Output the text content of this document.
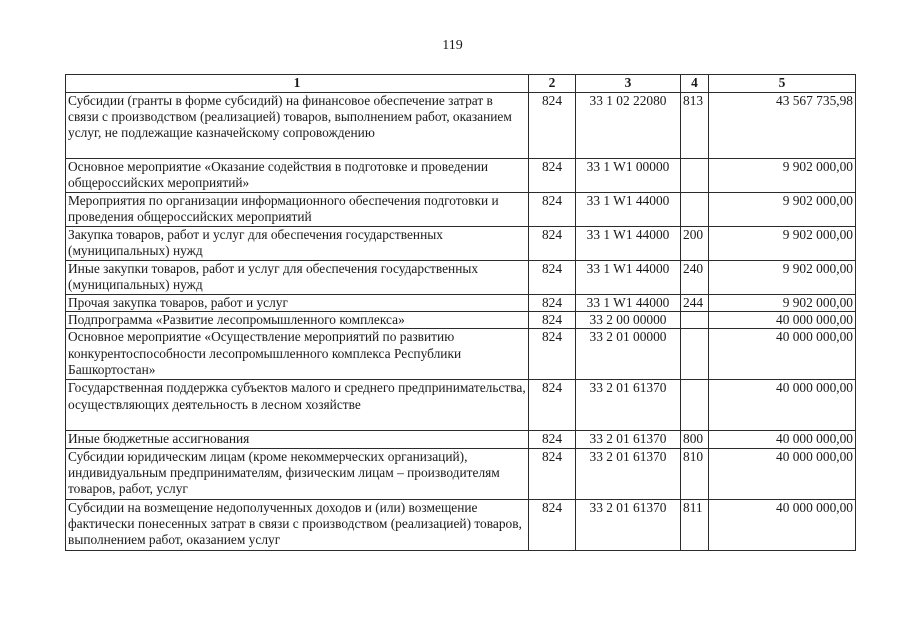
119
1	2	3	4	5
Субсидии (гранты в форме субсидий) на финансовое обеспечение затрат в связи с производством (реализацией) товаров, выполнением работ, оказанием услуг, не подлежащие казначейскому сопровождению	824	33 1 02 22080	813	43 567 735,98
Основное мероприятие «Оказание содействия в подготовке и проведении общероссийских мероприятий»	824	33 1 W1 00000		9 902 000,00
Мероприятия по организации информационного обеспечения подготовки и проведения общероссийских мероприятий	824	33 1 W1 44000		9 902 000,00
Закупка товаров, работ и услуг для обеспечения государственных (муниципальных) нужд	824	33 1 W1 44000	200	9 902 000,00
Иные закупки товаров, работ и услуг для обеспечения государственных (муниципальных) нужд	824	33 1 W1 44000	240	9 902 000,00
Прочая закупка товаров, работ и услуг	824	33 1 W1 44000	244	9 902 000,00
Подпрограмма «Развитие лесопромышленного комплекса»	824	33 2 00 00000		40 000 000,00
Основное мероприятие «Осуществление мероприятий по развитию конкурентоспособности лесопромышленного комплекса Республики Башкортостан»	824	33 2 01 00000		40 000 000,00
Государственная поддержка субъектов малого и среднего предпринимательства, осуществляющих деятельность в лесном хозяйстве	824	33 2 01 61370		40 000 000,00
Иные бюджетные ассигнования	824	33 2 01 61370	800	40 000 000,00
Субсидии юридическим лицам (кроме некоммерческих организаций), индивидуальным предпринимателям, физическим лицам – производителям товаров, работ, услуг	824	33 2 01 61370	810	40 000 000,00
Субсидии на возмещение недополученных доходов и (или) возмещение фактически понесенных затрат в связи с производством (реализацией) товаров, выполнением работ, оказанием услуг	824	33 2 01 61370	811	40 000 000,00
